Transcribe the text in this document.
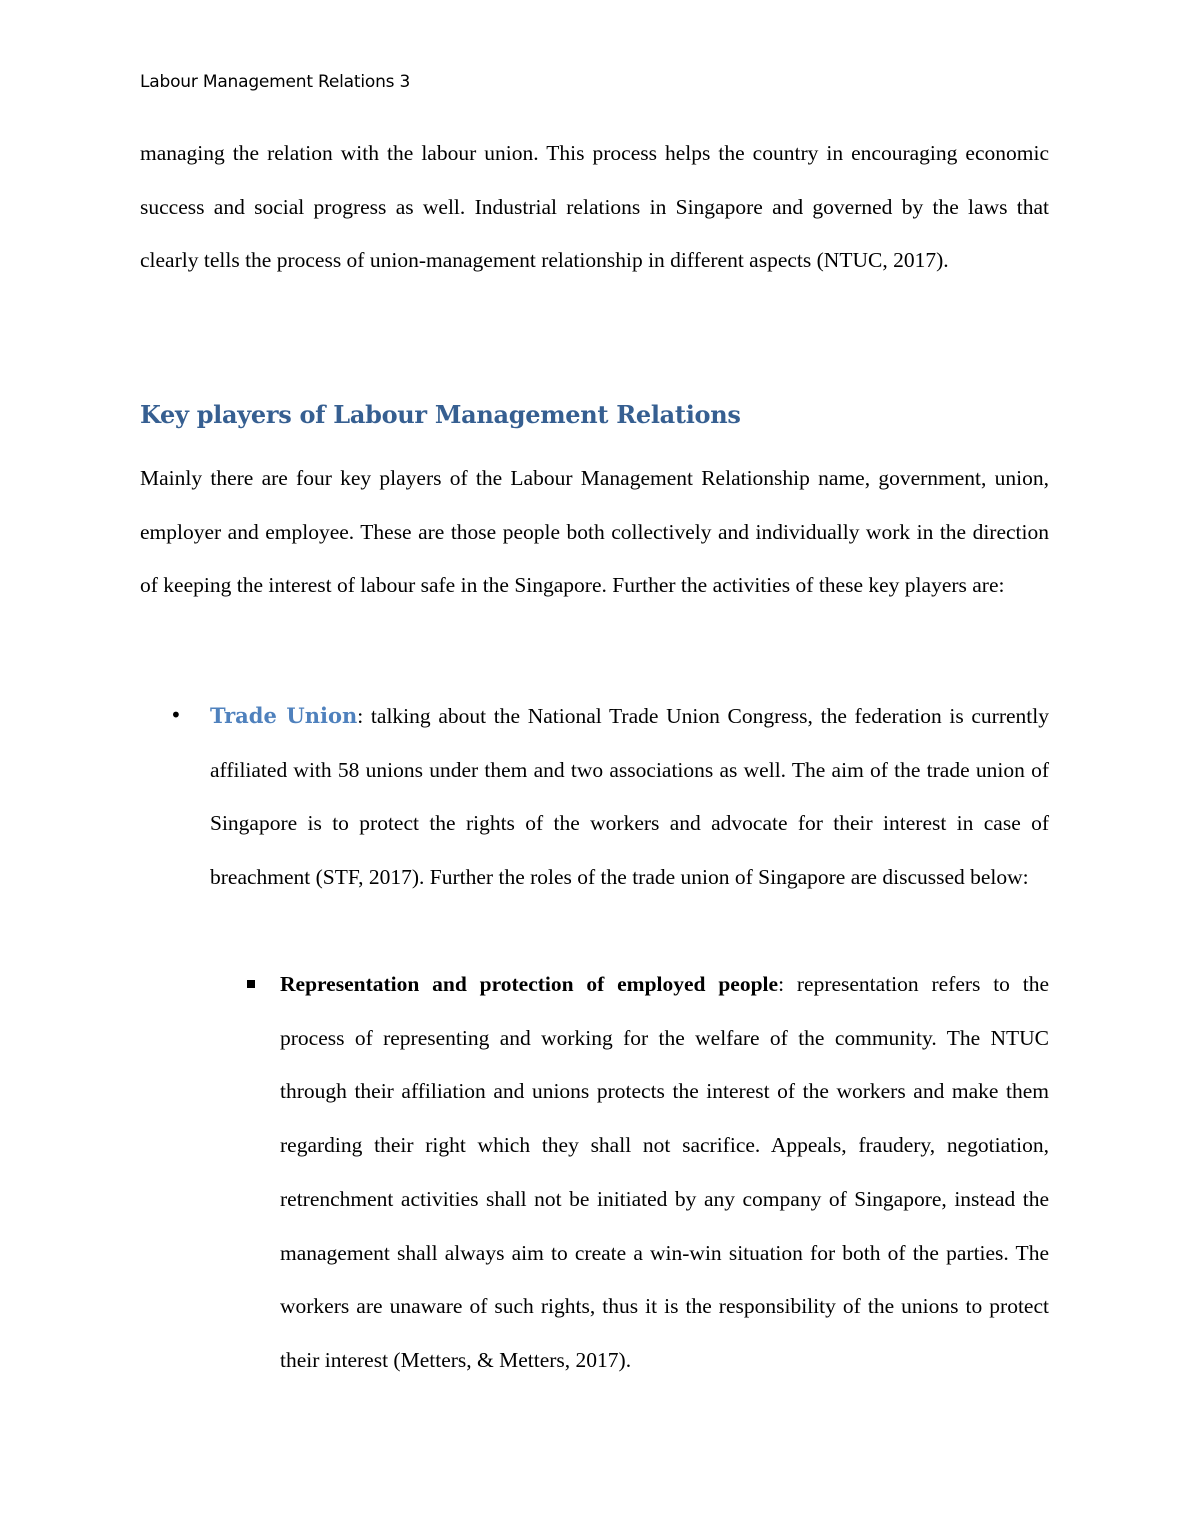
Labour Management Relations 3

managing the relation with the labour union. This process helps the country in encouraging economic success and social progress as well. Industrial relations in Singapore and governed by the laws that clearly tells the process of union-management relationship in different aspects (NTUC, 2017).

Key players of Labour Management Relations

Mainly there are four key players of the Labour Management Relationship name, government, union, employer and employee. These are those people both collectively and individually work in the direction of keeping the interest of labour safe in the Singapore. Further the activities of these key players are:

• Trade Union: talking about the National Trade Union Congress, the federation is currently affiliated with 58 unions under them and two associations as well. The aim of the trade union of Singapore is to protect the rights of the workers and advocate for their interest in case of breachment (STF, 2017). Further the roles of the trade union of Singapore are discussed below:

Representation and protection of employed people: representation refers to the process of representing and working for the welfare of the community. The NTUC through their affiliation and unions protects the interest of the workers and make them regarding their right which they shall not sacrifice. Appeals, fraudery, negotiation, retrenchment activities shall not be initiated by any company of Singapore, instead the management shall always aim to create a win-win situation for both of the parties. The workers are unaware of such rights, thus it is the responsibility of the unions to protect their interest (Metters, & Metters, 2017).
